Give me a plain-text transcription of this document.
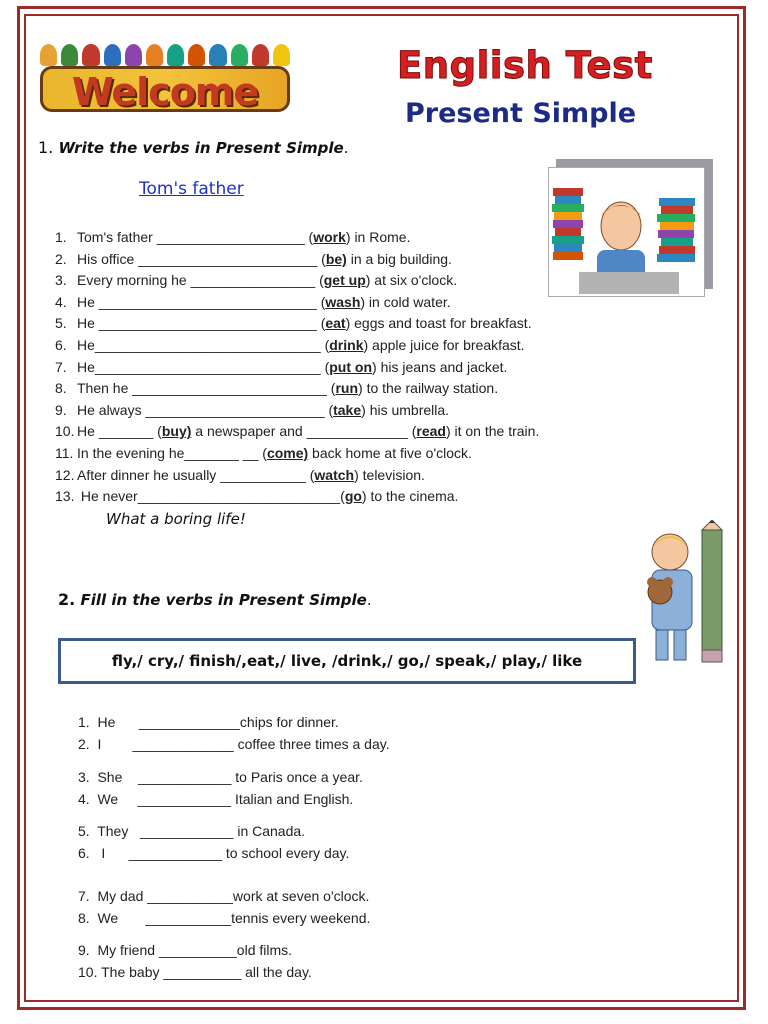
Welcome
English Test
Present Simple
1. Write the verbs in Present Simple.
Tom's father
1. Tom's father ___________________ (work) in Rome.
2. His office _______________________ (be) in a big building.
3. Every morning he ________________ (get up) at six o'clock.
4. He ____________________________ (wash) in cold water.
5. He ____________________________ (eat) eggs and toast for breakfast.
6. He_____________________________ (drink) apple juice for breakfast.
7. He_____________________________ (put on) his jeans and jacket.
8. Then he _________________________ (run) to the railway station.
9. He always _______________________ (take) his umbrella.
10. He _______ (buy) a newspaper and _____________ (read) it on the train.
11. In the evening he_______ __ (come) back home at five o'clock.
12. After dinner he usually ___________ (watch) television.
13. He never__________________________(go) to the cinema.
What a boring life!
2. Fill in the verbs in Present Simple.
fly,/ cry,/ finish/,eat,/ live, /drink,/ go,/ speak,/ play,/ like
1. He      _____________chips for dinner.
2. I        _____________ coffee three times a day.
3. She    ____________ to Paris once a year.
4. We     ____________ Italian and English.
5. They   ____________ in Canada.
6.   I      ____________ to school every day.
7. My dad ___________work at seven o'clock.
8. We       ___________tennis every weekend.
9. My friend __________old films.
10. The baby __________ all the day.
